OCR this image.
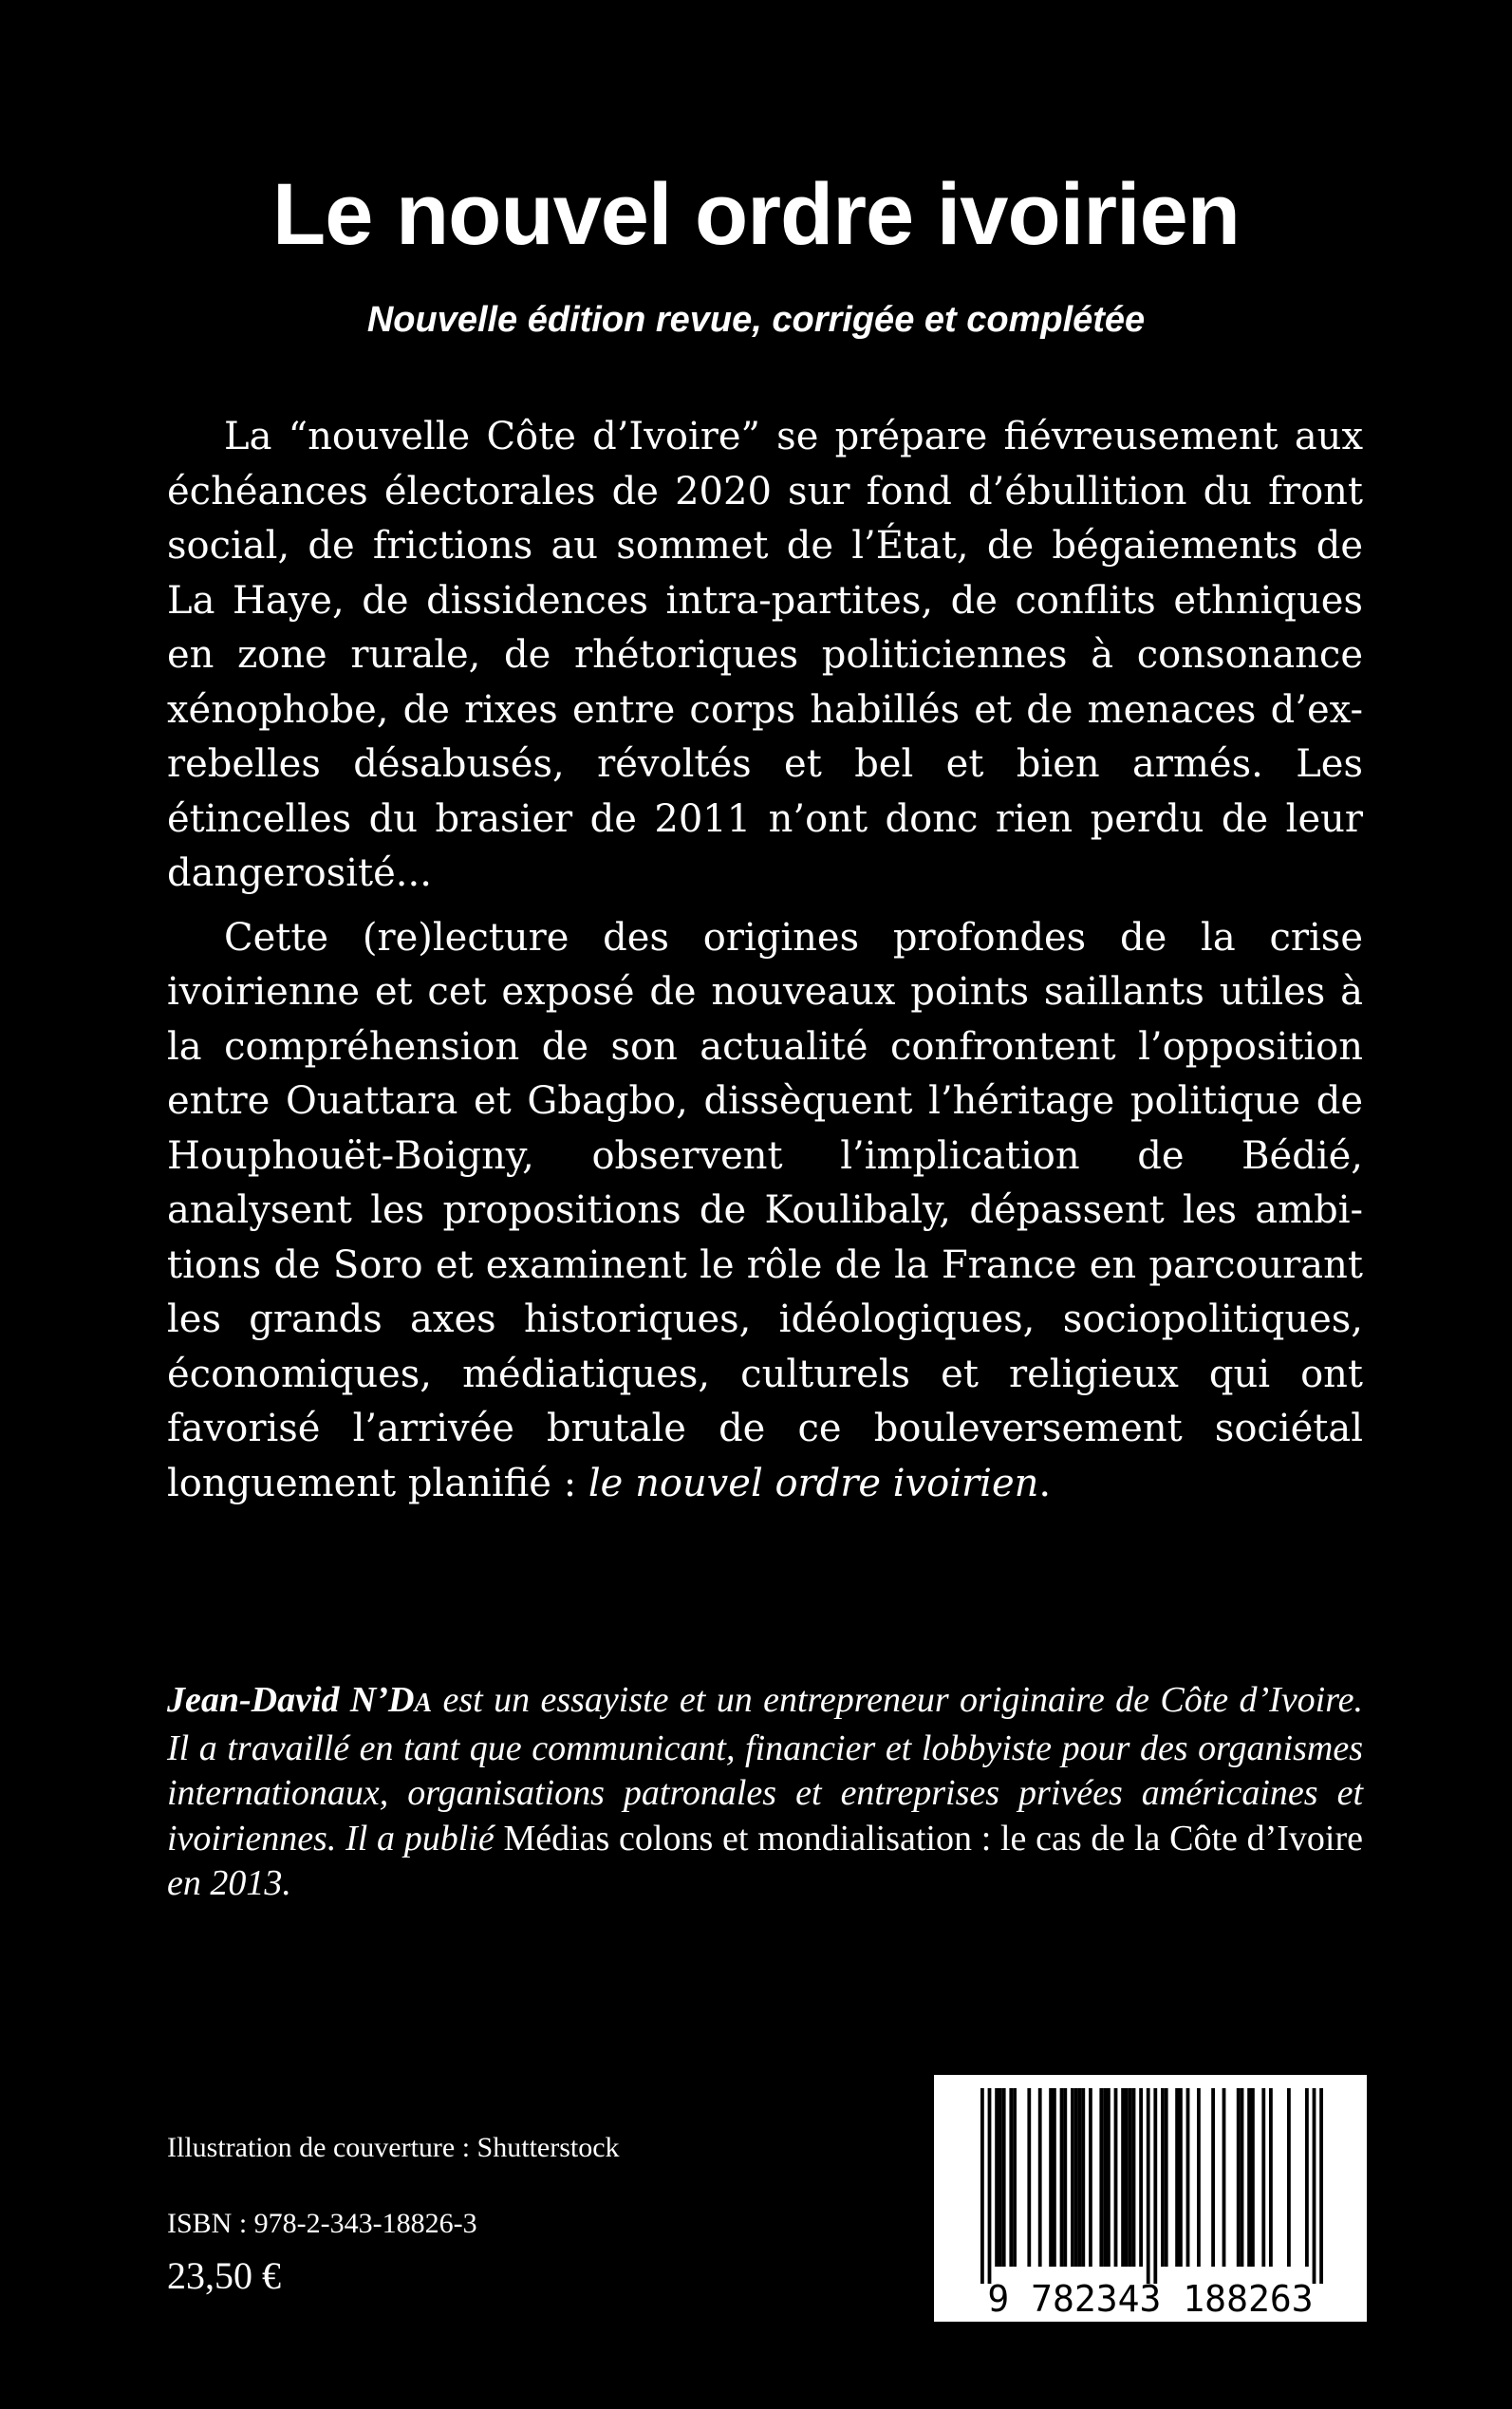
Le nouvel ordre ivoirien
Nouvelle édition revue, corrigée et complétée

La “nouvelle Côte d’Ivoire” se prépare fiévreusement aux échéances électorales de 2020 sur fond d’ébullition du front social, de frictions au sommet de l’État, de bégaiements de La Haye, de dissidences intra-partites, de conflits ethniques en zone rurale, de rhétoriques politiciennes à consonance xénophobe, de rixes entre corps habillés et de menaces d’ex-rebelles désabusés, révoltés et bel et bien armés. Les étincelles du brasier de 2011 n’ont donc rien perdu de leur dangerosité...

Cette (re)lecture des origines profondes de la crise ivoirienne et cet exposé de nouveaux points saillants utiles à la compréhension de son actualité confrontent l’opposition entre Ouattara et Gbagbo, dissèquent l’héritage politique de Houphouët-Boigny, observent l’implication de Bédié, analysent les propositions de Koulibaly, dépassent les ambitions de Soro et examinent le rôle de la France en parcourant les grands axes historiques, idéologiques, sociopolitiques, économiques, médiatiques, culturels et religieux qui ont favorisé l’arrivée brutale de ce bouleversement sociétal longuement planifié : le nouvel ordre ivoirien.

Jean-David N’DA est un essayiste et un entrepreneur originaire de Côte d’Ivoire. Il a travaillé en tant que communicant, financier et lobbyiste pour des organismes internationaux, organisations patronales et entreprises privées américaines et ivoiriennes. Il a publié Médias colons et mondialisation : le cas de la Côte d’Ivoire en 2013.
Illustration de couverture : Shutterstock
ISBN : 978-2-343-18826-3
23,50 €
9 782343 188263
